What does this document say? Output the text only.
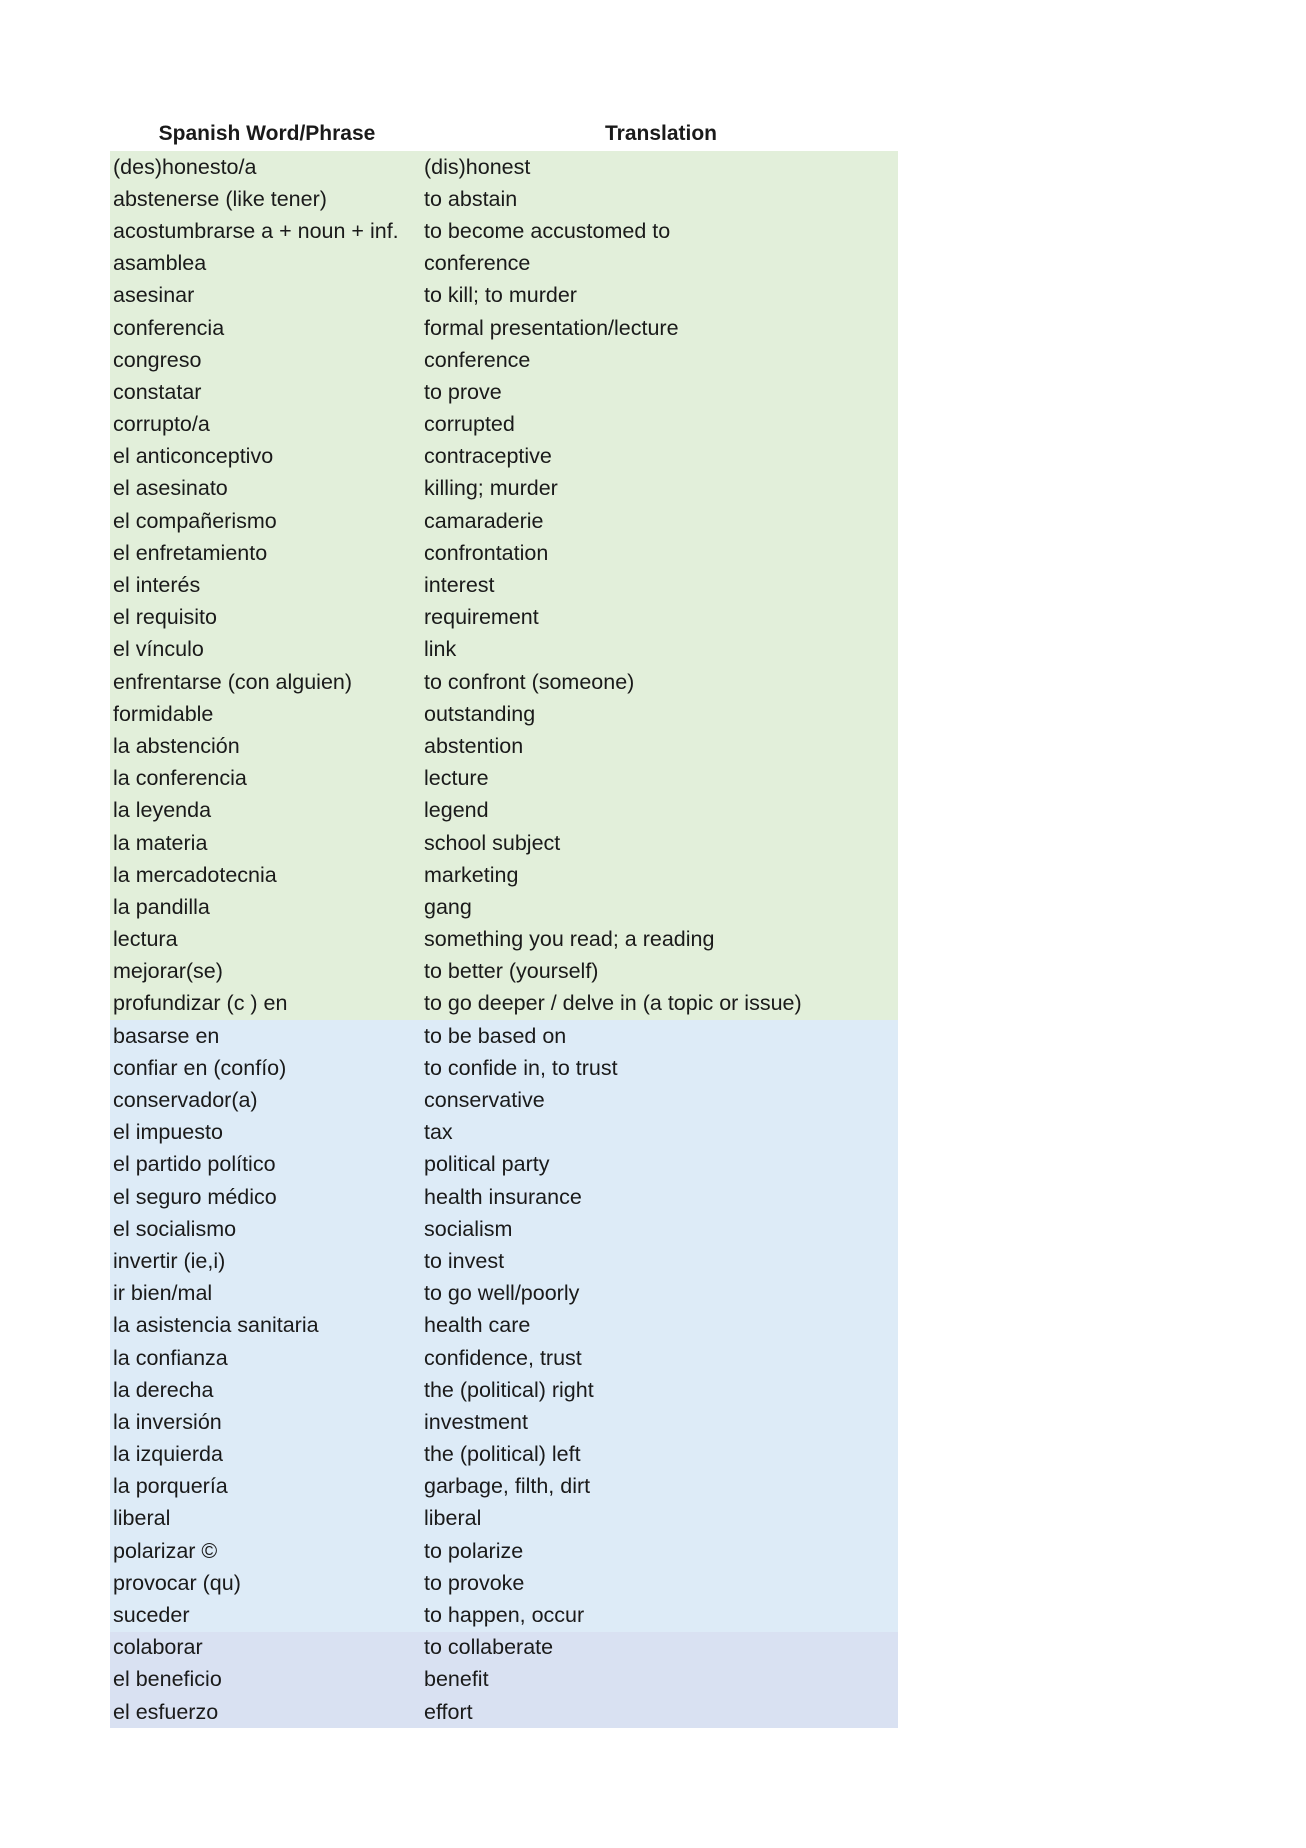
Spanish Word/Phrase	Translation
(des)honesto/a	(dis)honest
abstenerse (like tener)	to abstain
acostumbrarse a + noun + inf.	to become accustomed to
asamblea	conference
asesinar	to kill; to murder
conferencia	formal presentation/lecture
congreso	conference
constatar	to prove
corrupto/a	corrupted
el anticonceptivo	contraceptive
el asesinato	killing; murder
el compañerismo	camaraderie
el enfretamiento	confrontation
el interés	interest
el requisito	requirement
el vínculo	link
enfrentarse (con alguien)	to confront (someone)
formidable	outstanding
la abstención	abstention
la conferencia	lecture
la leyenda	legend
la materia	school subject
la mercadotecnia	marketing
la pandilla	gang
lectura	something you read; a reading
mejorar(se)	to better (yourself)
profundizar (c ) en	to go deeper / delve in (a topic or issue)
basarse en	to be based on
confiar en (confío)	to confide in, to trust
conservador(a)	conservative
el impuesto	tax
el partido político	political party
el seguro médico	health insurance
el socialismo	socialism
invertir (ie,i)	to invest
ir bien/mal	to go well/poorly
la asistencia sanitaria	health care
la confianza	confidence, trust
la derecha	the (political) right
la inversión	investment
la izquierda	the (political) left
la porquería	garbage, filth, dirt
liberal	liberal
polarizar ©	to polarize
provocar (qu)	to provoke
suceder	to happen, occur
colaborar	to collaberate
el beneficio	benefit
el esfuerzo	effort
